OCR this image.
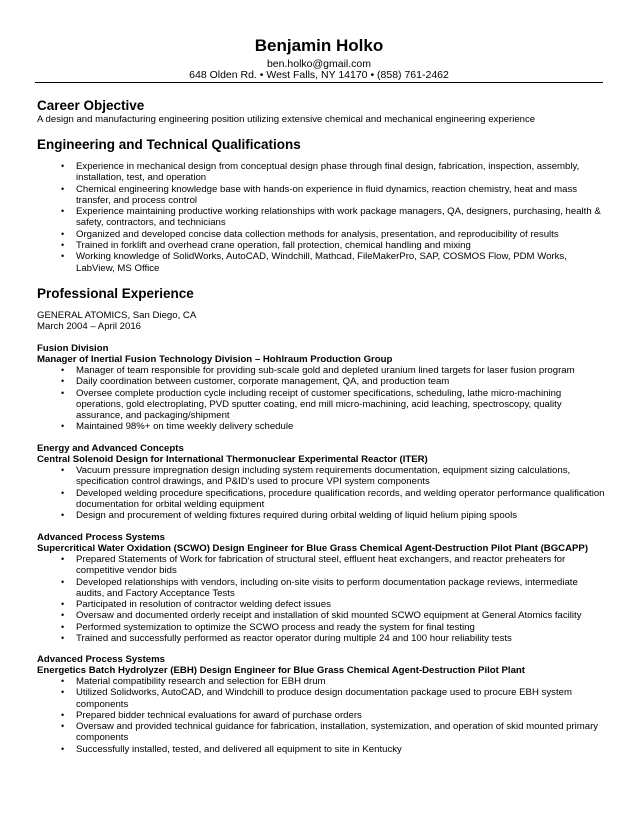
Benjamin Holko
ben.holko@gmail.com
648 Olden Rd. • West Falls, NY 14170 • (858) 761-2462
Career Objective
A design and manufacturing engineering position utilizing extensive chemical and mechanical engineering experience
Engineering and Technical Qualifications
• Experience in mechanical design from conceptual design phase through final design, fabrication, inspection, assembly, installation, test, and operation
• Chemical engineering knowledge base with hands-on experience in fluid dynamics, reaction chemistry, heat and mass transfer, and process control
• Experience maintaining productive working relationships with work package managers, QA, designers, purchasing, health & safety, contractors, and technicians
• Organized and developed concise data collection methods for analysis, presentation, and reproducibility of results
• Trained in forklift and overhead crane operation, fall protection, chemical handling and mixing
• Working knowledge of SolidWorks, AutoCAD, Windchill, Mathcad, FileMakerPro, SAP, COSMOS Flow, PDM Works, LabView, MS Office
Professional Experience
GENERAL ATOMICS, San Diego, CA
March 2004 – April 2016
Fusion Division
Manager of Inertial Fusion Technology Division – Hohlraum Production Group
• Manager of team responsible for providing sub-scale gold and depleted uranium lined targets for laser fusion program
• Daily coordination between customer, corporate management, QA, and production team
• Oversee complete production cycle including receipt of customer specifications, scheduling, lathe micro-machining operations, gold electroplating, PVD sputter coating, end mill micro-machining, acid leaching, spectroscopy, quality assurance, and packaging/shipment
• Maintained 98%+ on time weekly delivery schedule
Energy and Advanced Concepts
Central Solenoid Design for International Thermonuclear Experimental Reactor (ITER)
• Vacuum pressure impregnation design including system requirements documentation, equipment sizing calculations, specification control drawings, and P&ID's used to procure VPI system components
• Developed welding procedure specifications, procedure qualification records, and welding operator performance qualification documentation for orbital welding equipment
• Design and procurement of welding fixtures required during orbital welding of liquid helium piping spools
Advanced Process Systems
Supercritical Water Oxidation (SCWO) Design Engineer for Blue Grass Chemical Agent-Destruction Pilot Plant (BGCAPP)
• Prepared Statements of Work for fabrication of structural steel, effluent heat exchangers, and reactor preheaters for competitive vendor bids
• Developed relationships with vendors, including on-site visits to perform documentation package reviews, intermediate audits, and Factory Acceptance Tests
• Participated in resolution of contractor welding defect issues
• Oversaw and documented orderly receipt and installation of skid mounted SCWO equipment at General Atomics facility
• Performed systemization to optimize the SCWO process and ready the system for final testing
• Trained and successfully performed as reactor operator during multiple 24 and 100 hour reliability tests
Advanced Process Systems
Energetics Batch Hydrolyzer (EBH) Design Engineer for Blue Grass Chemical Agent-Destruction Pilot Plant
• Material compatibility research and selection for EBH drum
• Utilized Solidworks, AutoCAD, and Windchill to produce design documentation package used to procure EBH system components
• Prepared bidder technical evaluations for award of purchase orders
• Oversaw and provided technical guidance for fabrication, installation, systemization, and operation of skid mounted primary components
• Successfully installed, tested, and delivered all equipment to site in Kentucky
